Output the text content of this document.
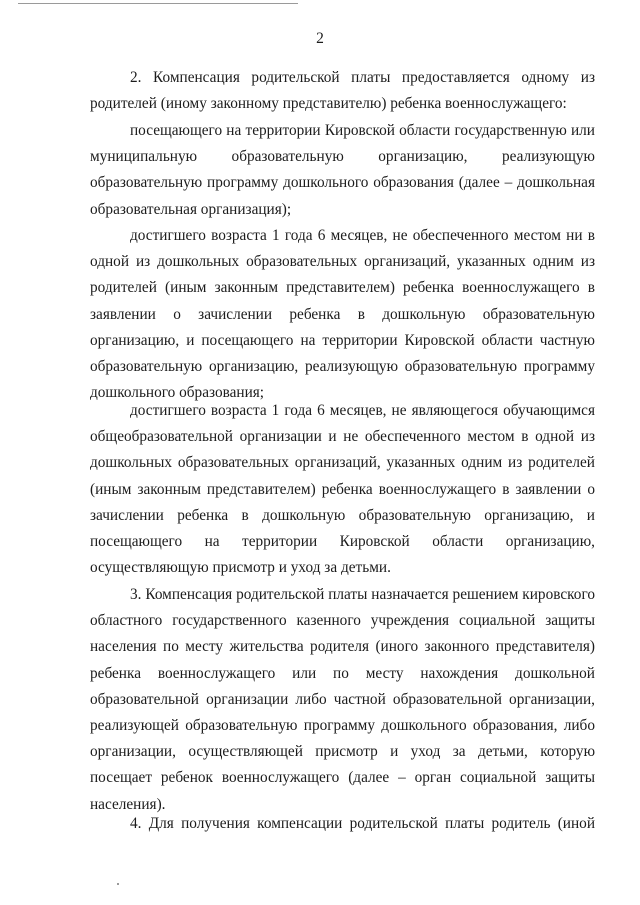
2

2. Компенсация родительской платы предоставляется одному из родителей (иному законному представителю) ребенка военнослужащего:

посещающего на территории Кировской области государственную или муниципальную образовательную организацию, реализующую образовательную программу дошкольного образования (далее – дошкольная образовательная организация);

достигшего возраста 1 года 6 месяцев, не обеспеченного местом ни в одной из дошкольных образовательных организаций, указанных одним из родителей (иным законным представителем) ребенка военнослужащего в заявлении о зачислении ребенка в дошкольную образовательную организацию, и посещающего на территории Кировской области частную образовательную организацию, реализующую образовательную программу дошкольного образования;

достигшего возраста 1 года 6 месяцев, не являющегося обучающимся общеобразовательной организации и не обеспеченного местом в одной из дошкольных образовательных организаций, указанных одним из родителей (иным законным представителем) ребенка военнослужащего в заявлении о зачислении ребенка в дошкольную образовательную организацию, и посещающего на территории Кировской области организацию, осуществляющую присмотр и уход за детьми.

3. Компенсация родительской платы назначается решением кировского областного государственного казенного учреждения социальной защиты населения по месту жительства родителя (иного законного представителя) ребенка военнослужащего или по месту нахождения дошкольной образовательной организации либо частной образовательной организации, реализующей образовательную программу дошкольного образования, либо организации, осуществляющей присмотр и уход за детьми, которую посещает ребенок военнослужащего (далее – орган социальной защиты населения).

4. Для получения компенсации родительской платы родитель (иной
